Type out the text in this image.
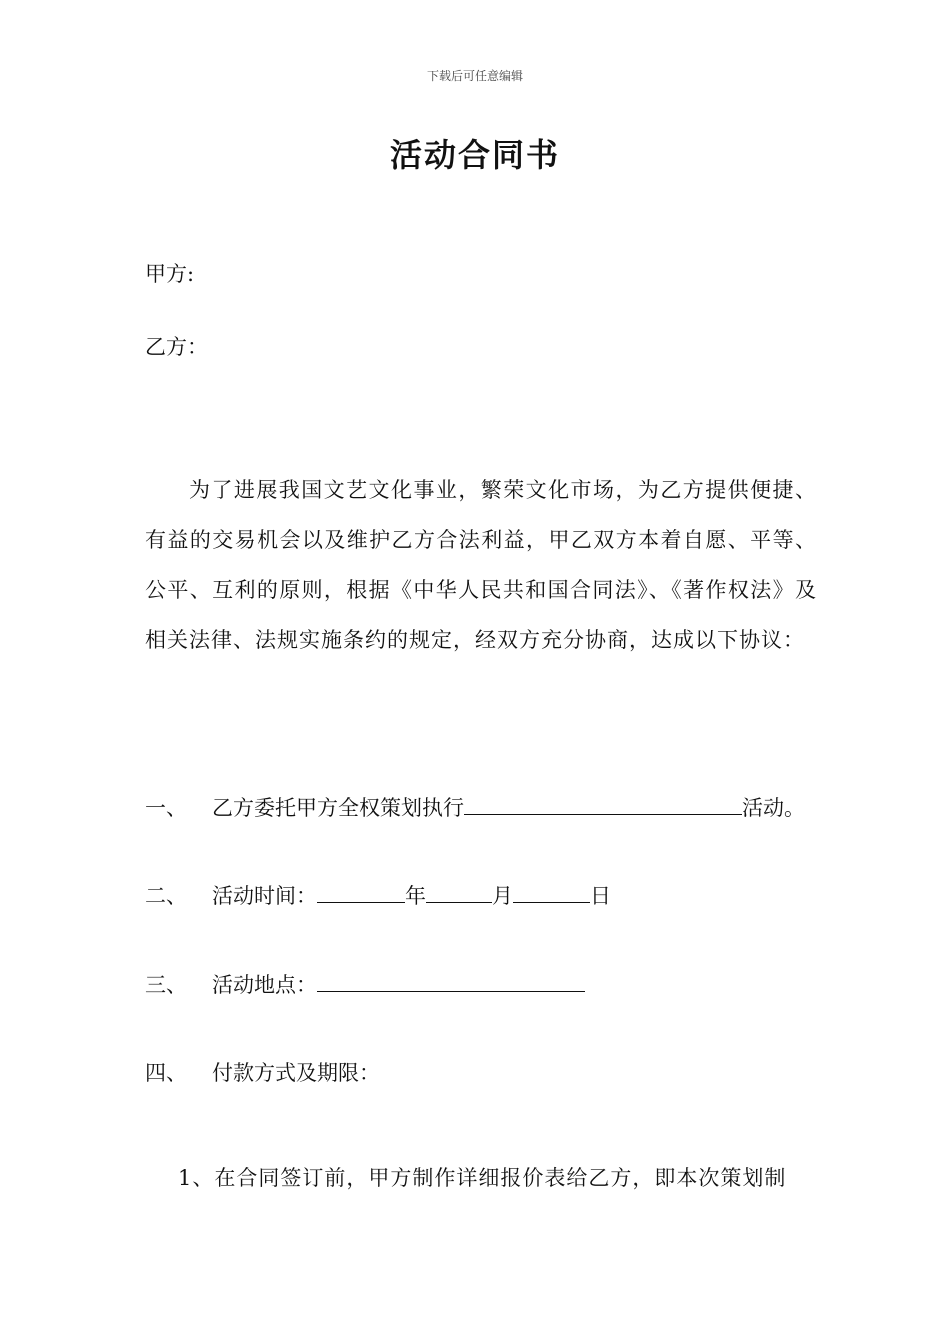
下载后可任意编辑
活动合同书
甲方:
乙方：
为了进展我国文艺文化事业，繁荣文化市场，为乙方提供便捷、有益的交易机会以及维护乙方合法利益，甲乙双方本着自愿、平等、公平、互利的原则，根据《中华人民共和国合同法》、《著作权法》及相关法律、法规实施条约的规定，经双方充分协商，达成以下协议：
一、 乙方委托甲方全权策划执行	活动。
二、 活动时间：	年	月	日
三、 活动地点：
四、 付款方式及期限：
1、在合同签订前，甲方制作详细报价表给乙方，即本次策划制
